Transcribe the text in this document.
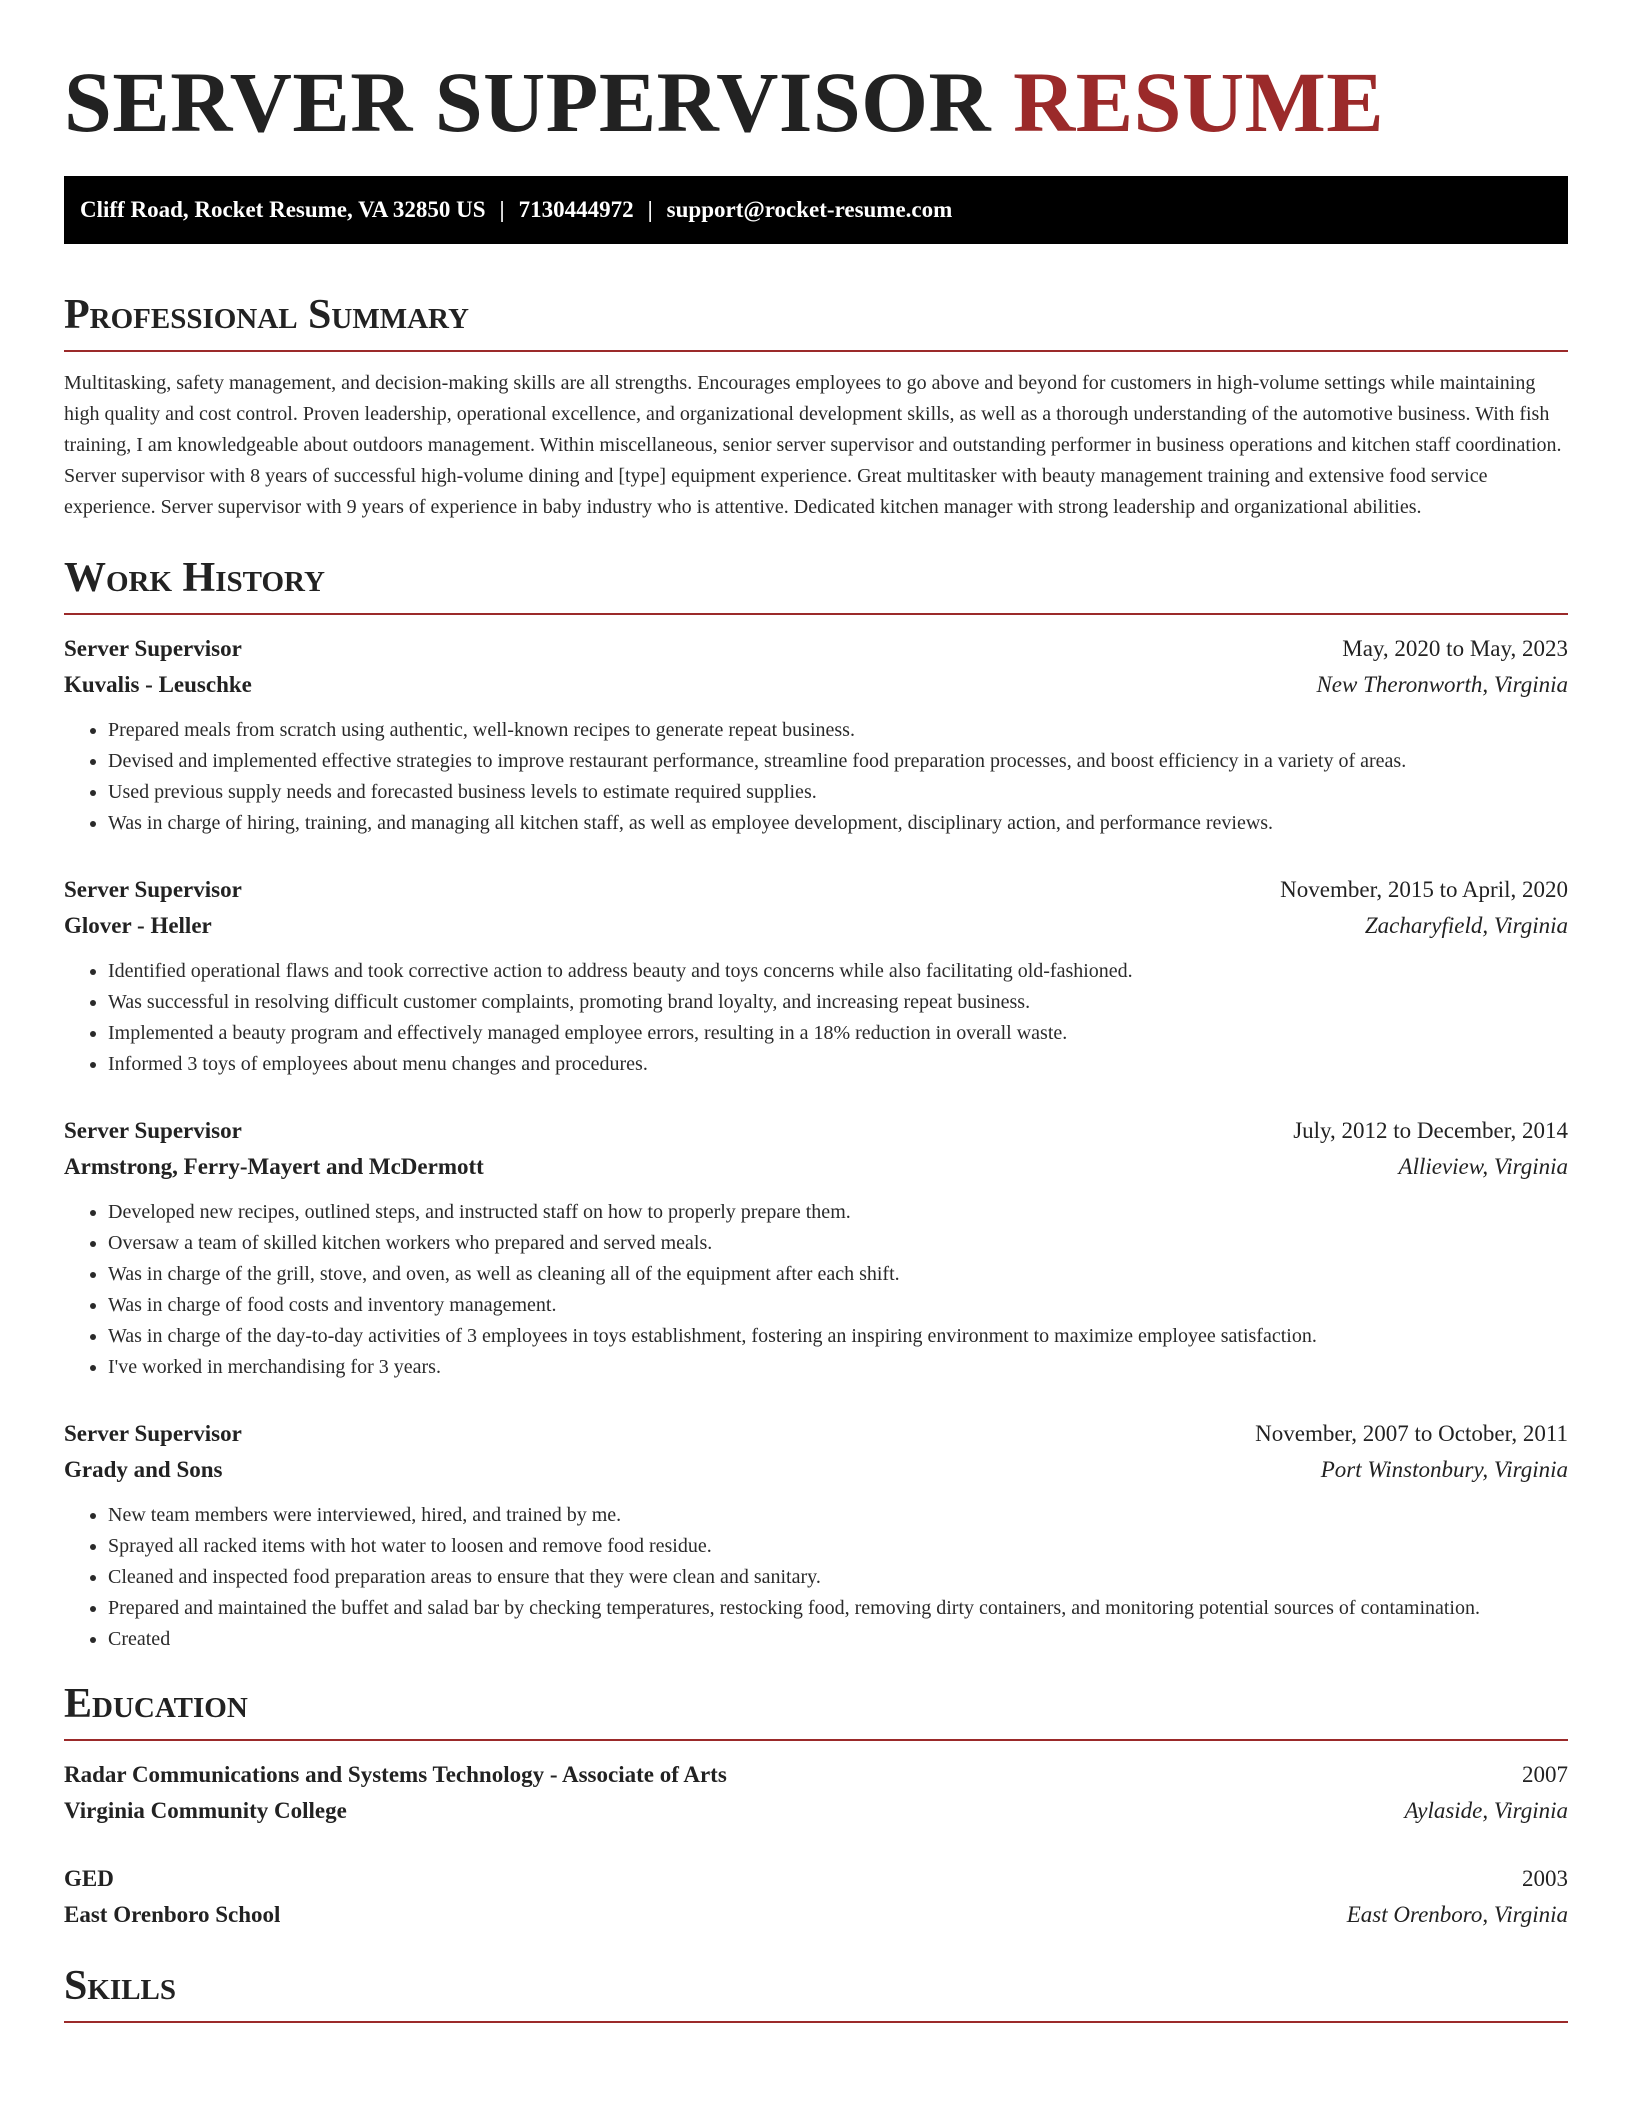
SERVER SUPERVISOR RESUME
Cliff Road, Rocket Resume, VA 32850 US | 7130444972 | support@rocket-resume.com
Professional Summary
Multitasking, safety management, and decision-making skills are all strengths. Encourages employees to go above and beyond for customers in high-volume settings while maintaining high quality and cost control. Proven leadership, operational excellence, and organizational development skills, as well as a thorough understanding of the automotive business. With fish training, I am knowledgeable about outdoors management. Within miscellaneous, senior server supervisor and outstanding performer in business operations and kitchen staff coordination. Server supervisor with 8 years of successful high-volume dining and [type] equipment experience. Great multitasker with beauty management training and extensive food service experience. Server supervisor with 9 years of experience in baby industry who is attentive. Dedicated kitchen manager with strong leadership and organizational abilities.
Work History
Server Supervisor	May, 2020 to May, 2023
Kuvalis - Leuschke	New Theronworth, Virginia
• Prepared meals from scratch using authentic, well-known recipes to generate repeat business.
• Devised and implemented effective strategies to improve restaurant performance, streamline food preparation processes, and boost efficiency in a variety of areas.
• Used previous supply needs and forecasted business levels to estimate required supplies.
• Was in charge of hiring, training, and managing all kitchen staff, as well as employee development, disciplinary action, and performance reviews.
Server Supervisor	November, 2015 to April, 2020
Glover - Heller	Zacharyfield, Virginia
• Identified operational flaws and took corrective action to address beauty and toys concerns while also facilitating old-fashioned.
• Was successful in resolving difficult customer complaints, promoting brand loyalty, and increasing repeat business.
• Implemented a beauty program and effectively managed employee errors, resulting in a 18% reduction in overall waste.
• Informed 3 toys of employees about menu changes and procedures.
Server Supervisor	July, 2012 to December, 2014
Armstrong, Ferry-Mayert and McDermott	Allieview, Virginia
• Developed new recipes, outlined steps, and instructed staff on how to properly prepare them.
• Oversaw a team of skilled kitchen workers who prepared and served meals.
• Was in charge of the grill, stove, and oven, as well as cleaning all of the equipment after each shift.
• Was in charge of food costs and inventory management.
• Was in charge of the day-to-day activities of 3 employees in toys establishment, fostering an inspiring environment to maximize employee satisfaction.
• I've worked in merchandising for 3 years.
Server Supervisor	November, 2007 to October, 2011
Grady and Sons	Port Winstonbury, Virginia
• New team members were interviewed, hired, and trained by me.
• Sprayed all racked items with hot water to loosen and remove food residue.
• Cleaned and inspected food preparation areas to ensure that they were clean and sanitary.
• Prepared and maintained the buffet and salad bar by checking temperatures, restocking food, removing dirty containers, and monitoring potential sources of contamination.
• Created
Education
Radar Communications and Systems Technology - Associate of Arts	2007
Virginia Community College	Aylaside, Virginia
GED	2003
East Orenboro School	East Orenboro, Virginia
Skills
